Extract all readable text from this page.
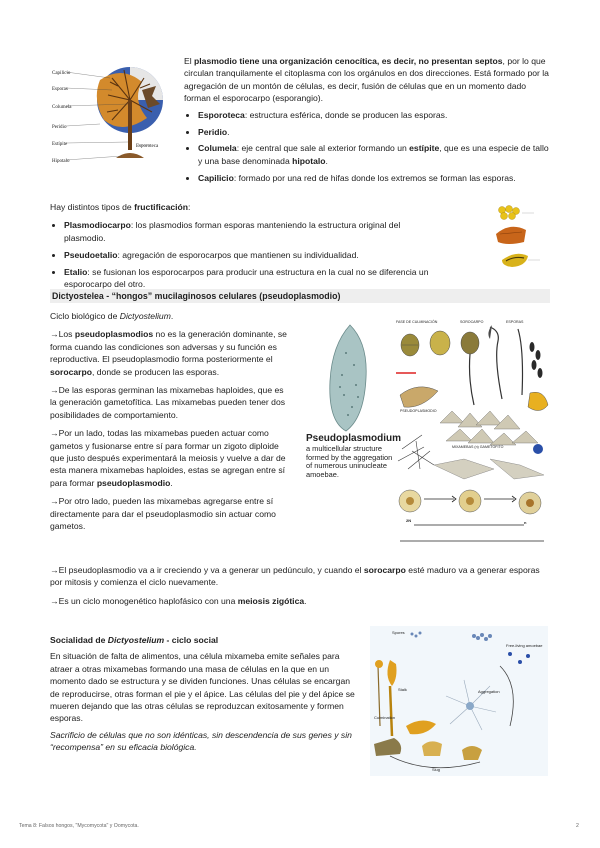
Capilicio
Esporas
Columela
Peridio
Estípite
Hipotalo
Esporoteca

El plasmodio tiene una organización cenocítica, es decir, no presentan septos, por lo que circulan tranquilamente el citoplasma con los orgánulos en dos direcciones. Está formado por la agregación de un montón de células, es decir, fusión de células que en un momento dado forman el esporocarpo (esporangio).

• Esporoteca: estructura esférica, donde se producen las esporas.
• Peridio.
• Columela: eje central que sale al exterior formando un estípite, que es una especie de tallo y una base denominada hipotalo.
• Capilicio: formado por una red de hifas donde los extremos se forman las esporas.

Hay distintos tipos de fructificación:

• Plasmodiocarpo: los plasmodios forman esporas manteniendo la estructura original del plasmodio.
• Pseudoetalio: agregación de esporocarpos que mantienen su individualidad.
• Etalio: se fusionan los esporocarpos para producir una estructura en la cual no se diferencia un esporocarpo del otro.
Dictyostelea - “hongos” mucilaginosos celulares (pseudoplasmodio)

Ciclo biológico de Dictyostelium.

→Los pseudoplasmodios no es la generación dominante, se forma cuando las condiciones son adversas y su función es reproductiva. El pseudoplasmodio forma posteriormente el sorocarpo, donde se producen las esporas.

→De las esporas germinan las mixamebas haploides, que es la generación gametofítica. Las mixamebas pueden tener dos posibilidades de comportamiento.

→Por un lado, todas las mixamebas pueden actuar como gametos y fusionarse entre sí para formar un zigoto diploide que justo después experimentará la meiosis y vuelve a dar de esta manera mixamebas haploides, estas se agregan entre sí para formar pseudoplasmodio.

→Por otro lado, pueden las mixamebas agregarse entre sí directamente para dar el pseudoplasmodio sin actuar como gametos.

Pseudoplasmodium
a multicellular structure formed by the aggregation of numerous uninucleate amoebae.
FASE DE CULMINACIÓN	SOROCARPO	ESPORAS
MIXAMEBAS (n) GAMETOFITO
PSEUDOPLASMODIO
2N	n

→El pseudoplasmodio va a ir creciendo y va a generar un pedúnculo, y cuando el sorocarpo esté maduro va a generar esporas por mitosis y comienza el ciclo nuevamente.

→Es un ciclo monogenético haplofásico con una meiosis zigótica.

Socialidad de Dictyostelium - ciclo social

En situación de falta de alimentos, una célula mixameba emite señales para atraer a otras mixamebas formando una masa de células en la que en un momento dado se estructura y se dividen funciones. Unas células se encargan de reproducirse, otras forman el pie y el ápice. Las células del pie y del ápice se mueren dejando que las otras células se reproduzcan exitosamente y formen esporas.

Sacrificio de células que no son idénticas, sin descendencia de sus genes y sin “recompensa” en su eficacia biológica.

Spores
Free-living amoebae
Stalk
Culmination
Aggregation
Slug
Tema 8: Falsos hongos, "Mycomycota" y Oomycota.	2
